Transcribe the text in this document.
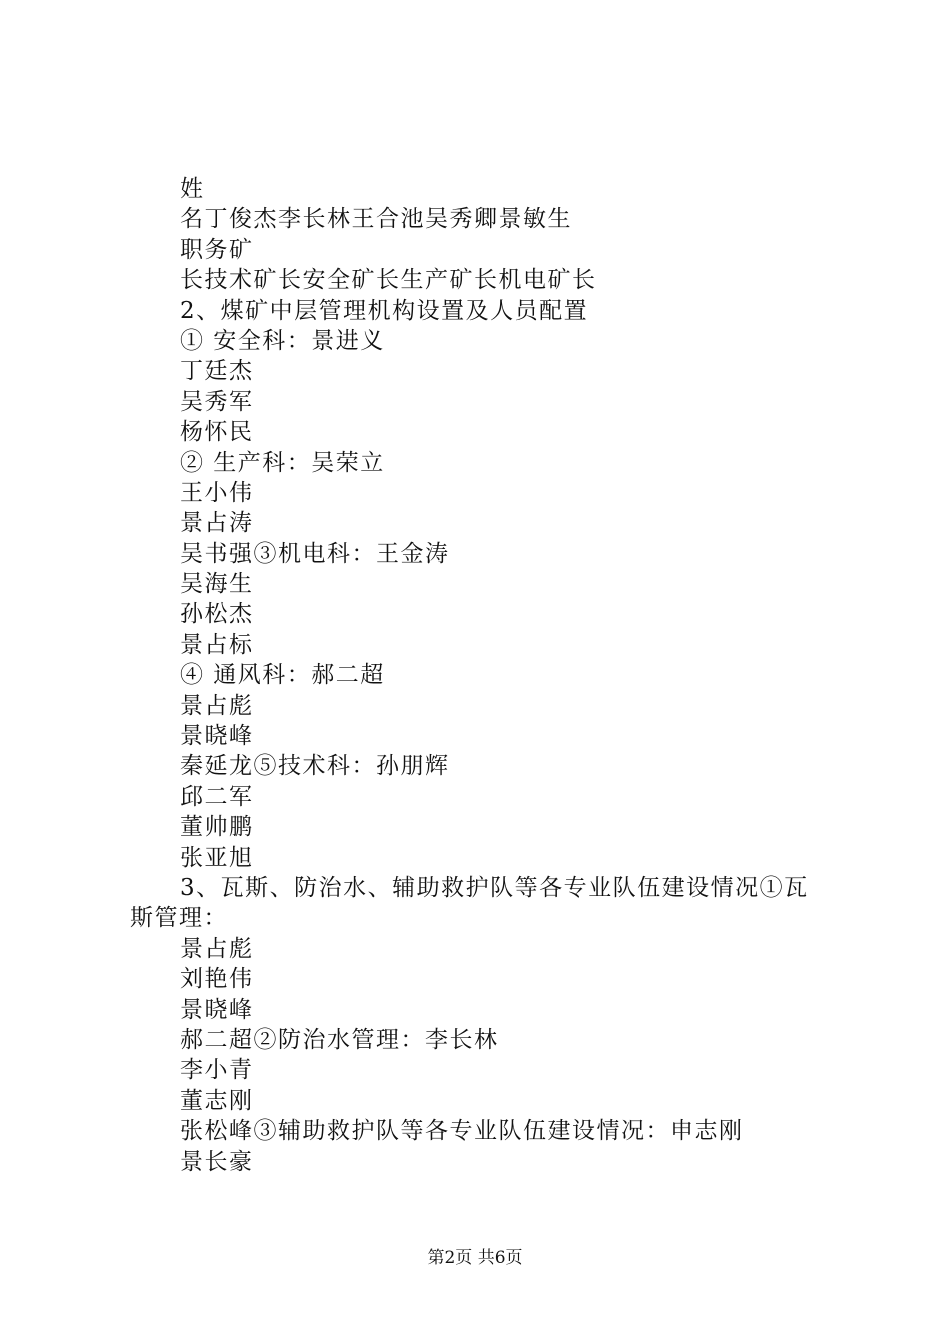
姓
名丁俊杰李长林王合池吴秀卿景敏生
职务矿
长技术矿长安全矿长生产矿长机电矿长
2、煤矿中层管理机构设置及人员配置
① 安全科：景进义
丁廷杰
吴秀军
杨怀民
② 生产科：吴荣立
王小伟
景占涛
吴书强③机电科：王金涛
吴海生
孙松杰
景占标
④ 通风科：郝二超
景占彪
景晓峰
秦延龙⑤技术科：孙朋辉
邱二军
董帅鹏
张亚旭
3、瓦斯、防治水、辅助救护队等各专业队伍建设情况①瓦
斯管理：
景占彪
刘艳伟
景晓峰
郝二超②防治水管理：李长林
李小青
董志刚
张松峰③辅助救护队等各专业队伍建设情况：申志刚
景长豪
第2页 共6页
